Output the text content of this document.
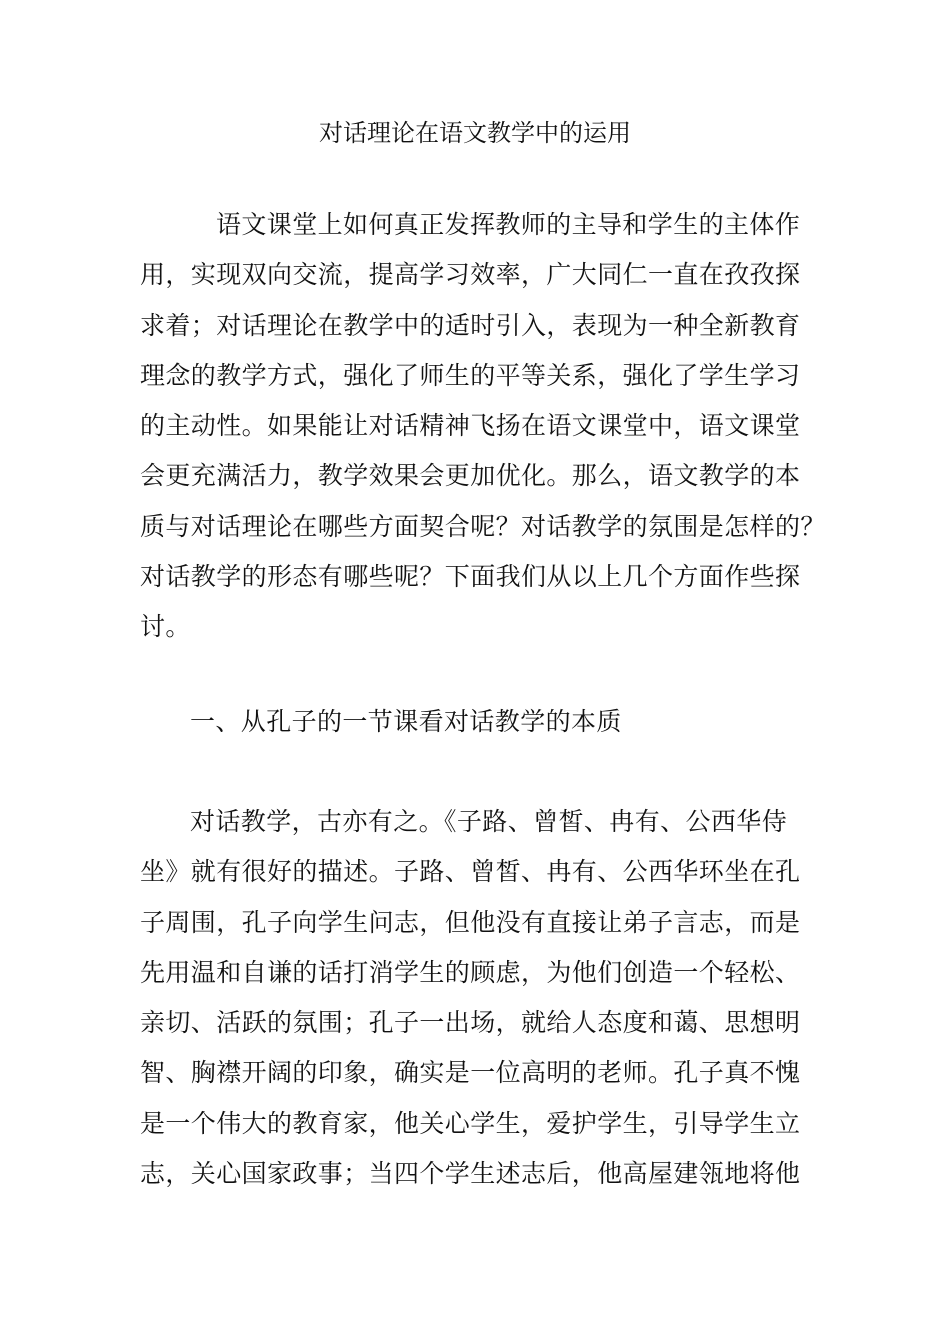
对话理论在语文教学中的运用
语文课堂上如何真正发挥教师的主导和学生的主体作
用，实现双向交流，提高学习效率，广大同仁一直在孜孜探
求着；对话理论在教学中的适时引入，表现为一种全新教育
理念的教学方式，强化了师生的平等关系，强化了学生学习
的主动性。如果能让对话精神飞扬在语文课堂中，语文课堂
会更充满活力，教学效果会更加优化。那么，语文教学的本
质与对话理论在哪些方面契合呢？对话教学的氛围是怎样的？
对话教学的形态有哪些呢？下面我们从以上几个方面作些探
讨。
一、从孔子的一节课看对话教学的本质
对话教学，古亦有之。《子路、曾皙、冉有、公西华侍
坐》就有很好的描述。子路、曾皙、冉有、公西华环坐在孔
子周围，孔子向学生问志，但他没有直接让弟子言志，而是
先用温和自谦的话打消学生的顾虑，为他们创造一个轻松、
亲切、活跃的氛围；孔子一出场，就给人态度和蔼、思想明
智、胸襟开阔的印象，确实是一位高明的老师。孔子真不愧
是一个伟大的教育家，他关心学生，爱护学生，引导学生立
志，关心国家政事；当四个学生述志后，他高屋建瓴地将他
